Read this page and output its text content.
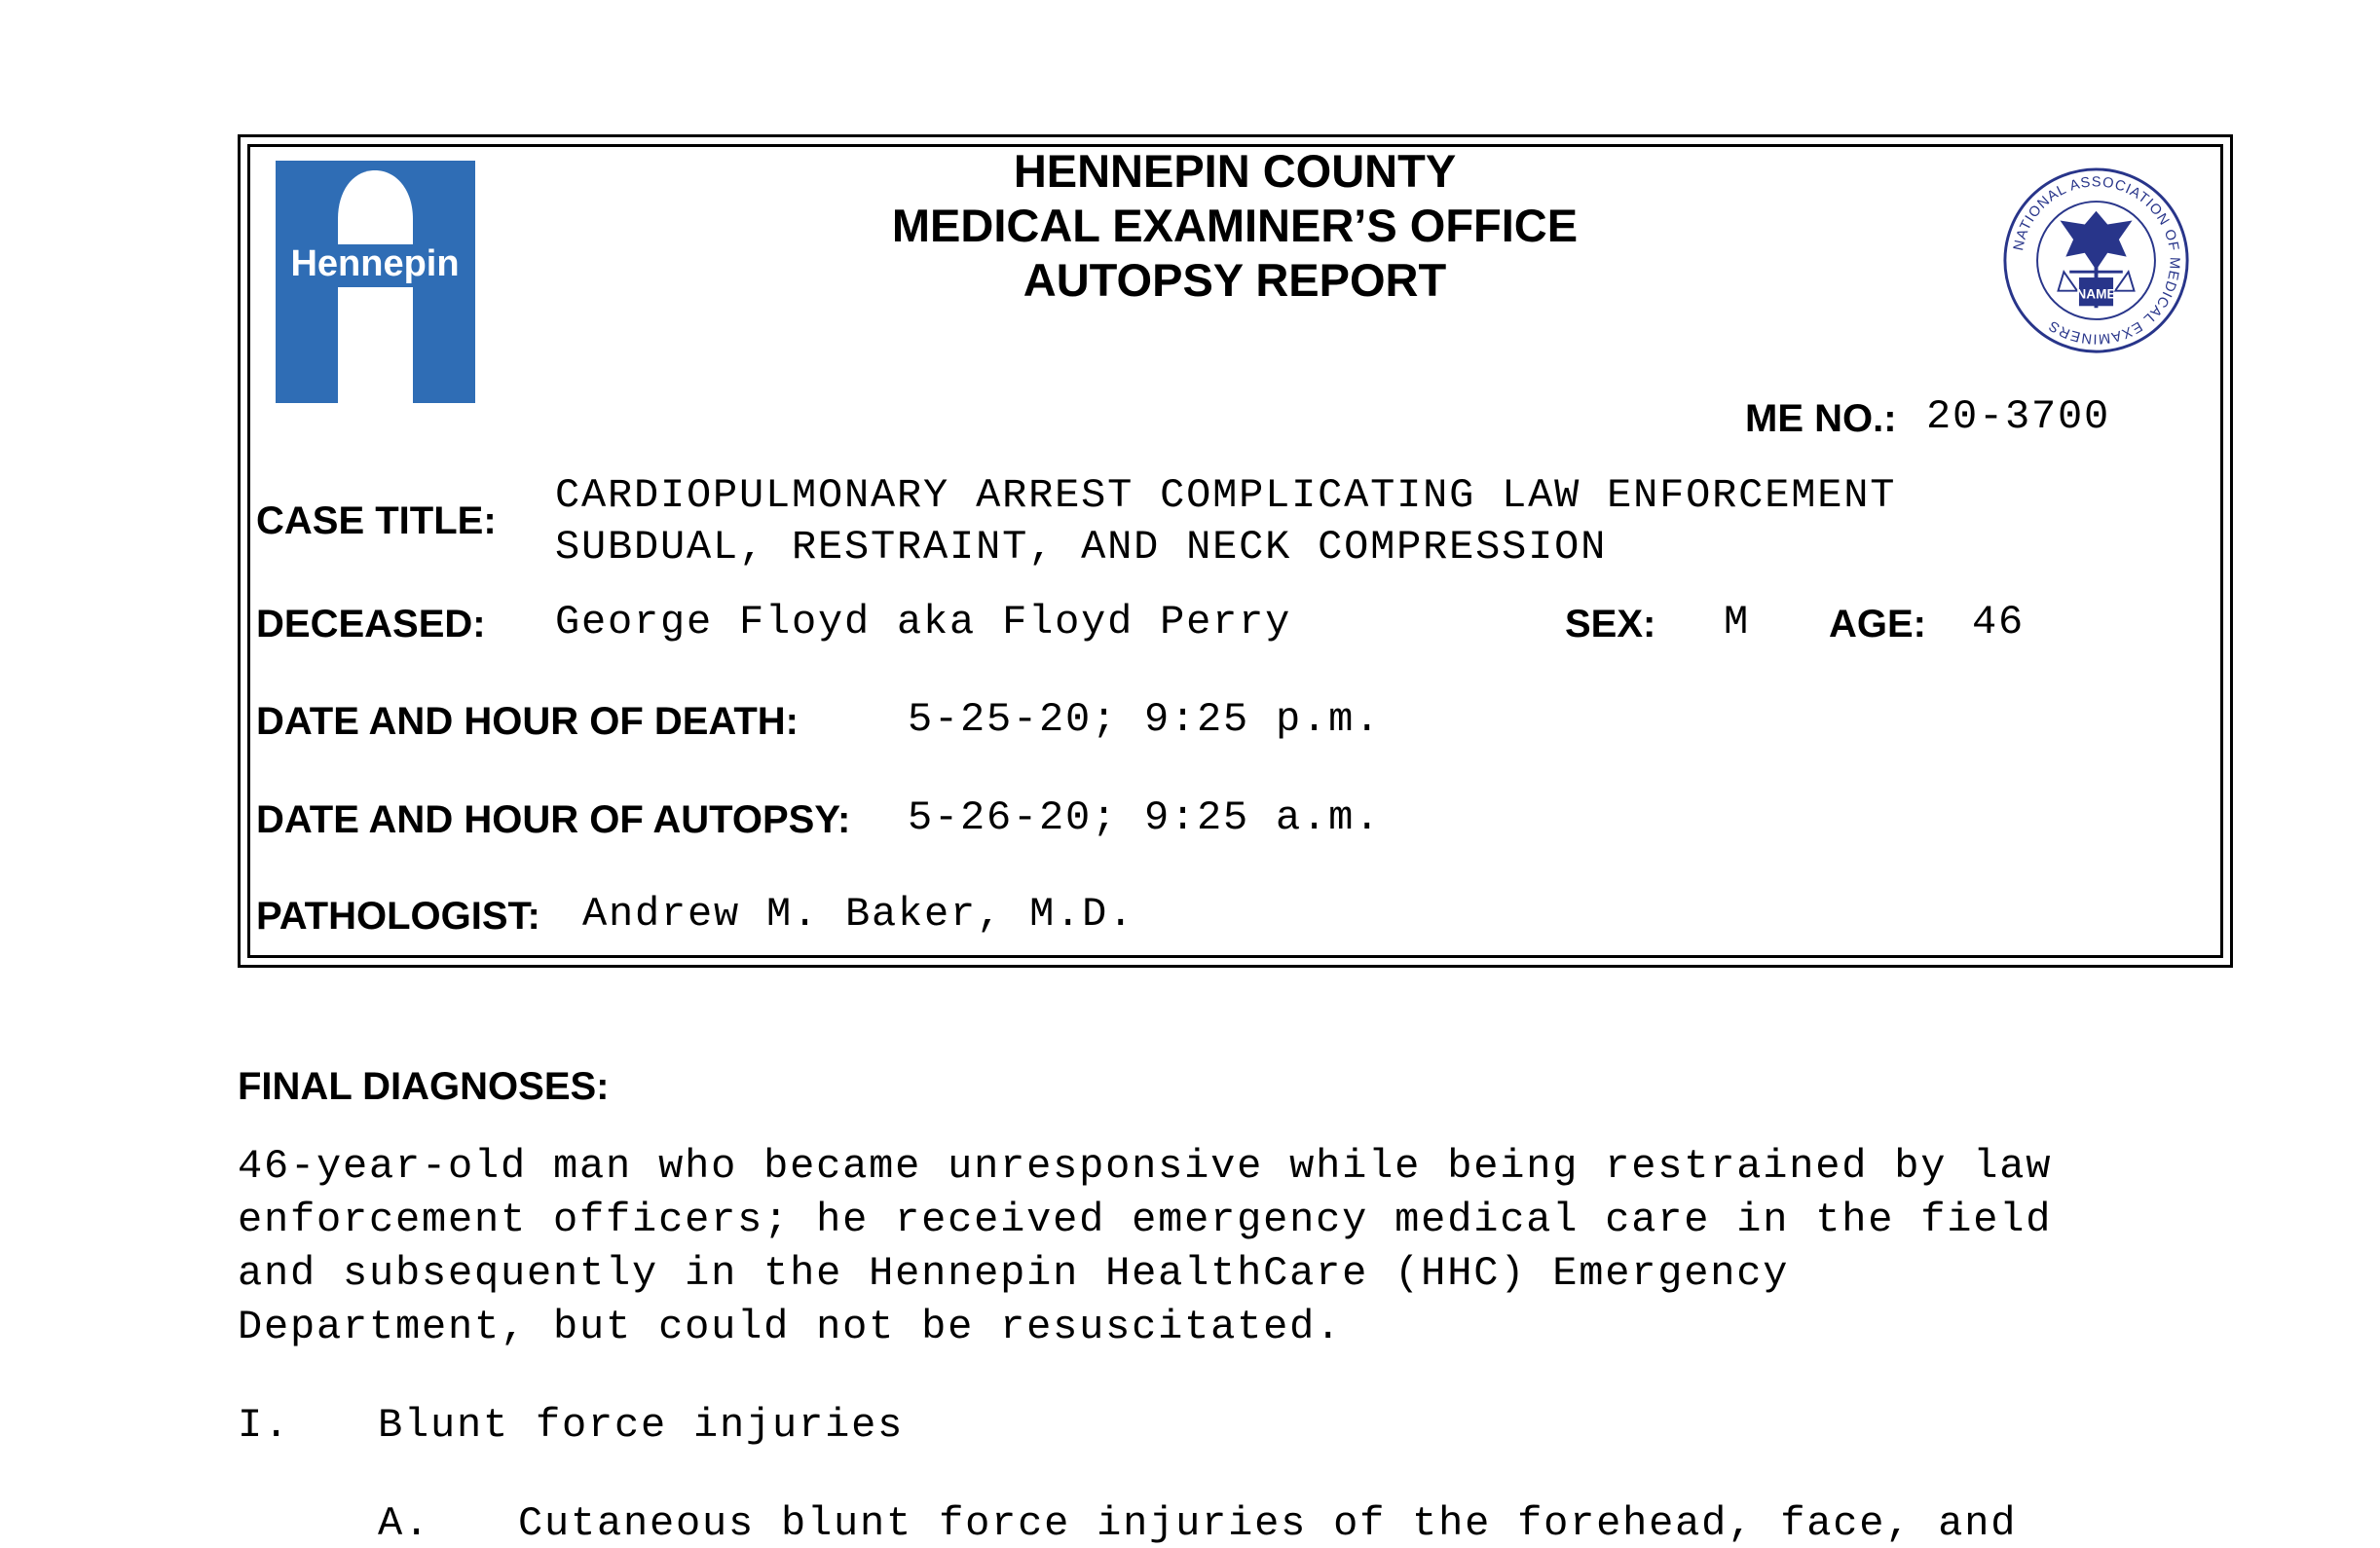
Hennepin
HENNEPIN COUNTY
MEDICAL EXAMINER’S OFFICE
AUTOPSY REPORT
NATIONAL ASSOCIATION OF MEDICAL EXAMINERS
NAME
ME NO.: 20-3700
CASE TITLE:
CARDIOPULMONARY ARREST COMPLICATING LAW ENFORCEMENT
SUBDUAL, RESTRAINT, AND NECK COMPRESSION
DECEASED: George Floyd aka Floyd Perry	SEX: M AGE: 46
DATE AND HOUR OF DEATH:	5-25-20; 9:25 p.m.
DATE AND HOUR OF AUTOPSY: 5-26-20; 9:25 a.m.
PATHOLOGIST: Andrew M. Baker, M.D.
FINAL DIAGNOSES:
46-year-old man who became unresponsive while being restrained by law
enforcement officers; he received emergency medical care in the field
and subsequently in the Hennepin HealthCare (HHC) Emergency
Department, but could not be resuscitated.
I. Blunt force injuries
A. Cutaneous blunt force injuries of the forehead, face, and
